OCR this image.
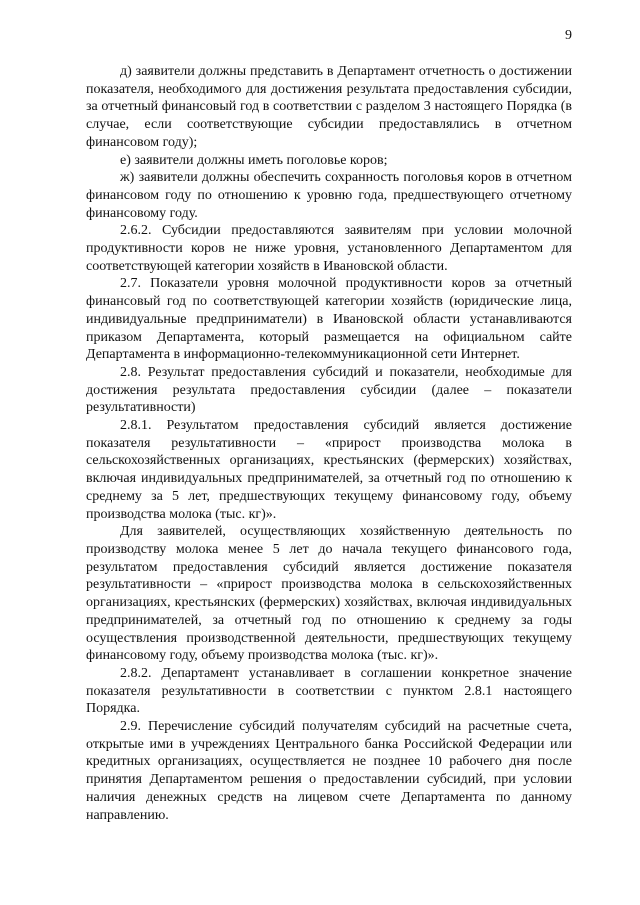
9

д) заявители должны представить в Департамент отчетность о достижении показателя, необходимого для достижения результата предоставления субсидии, за отчетный финансовый год в соответствии с разделом 3 настоящего Порядка (в случае, если соответствующие субсидии предоставлялись в отчетном финансовом году);

е) заявители должны иметь поголовье коров;

ж) заявители должны обеспечить сохранность поголовья коров в отчетном финансовом году по отношению к уровню года, предшествующего отчетному финансовому году.

2.6.2. Субсидии предоставляются заявителям при условии молочной продуктивности коров не ниже уровня, установленного Департаментом для соответствующей категории хозяйств в Ивановской области.

2.7. Показатели уровня молочной продуктивности коров за отчетный финансовый год по соответствующей категории хозяйств (юридические лица, индивидуальные предприниматели) в Ивановской области устанавливаются приказом Департамента, который размещается на официальном сайте Департамента в информационно-телекоммуникационной сети Интернет.

2.8. Результат предоставления субсидий и показатели, необходимые для достижения результата предоставления субсидии (далее – показатели результативности)

2.8.1. Результатом предоставления субсидий является достижение показателя результативности – «прирост производства молока в сельскохозяйственных организациях, крестьянских (фермерских) хозяйствах, включая индивидуальных предпринимателей, за отчетный год по отношению к среднему за 5 лет, предшествующих текущему финансовому году, объему производства молока (тыс. кг)».

Для заявителей, осуществляющих хозяйственную деятельность по производству молока менее 5 лет до начала текущего финансового года, результатом предоставления субсидий является достижение показателя результативности – «прирост производства молока в сельскохозяйственных организациях, крестьянских (фермерских) хозяйствах, включая индивидуальных предпринимателей, за отчетный год по отношению к среднему за годы осуществления производственной деятельности, предшествующих текущему финансовому году, объему производства молока (тыс. кг)».

2.8.2. Департамент устанавливает в соглашении конкретное значение показателя результативности в соответствии с пунктом 2.8.1 настоящего Порядка.

2.9. Перечисление субсидий получателям субсидий на расчетные счета, открытые ими в учреждениях Центрального банка Российской Федерации или кредитных организациях, осуществляется не позднее 10 рабочего дня после принятия Департаментом решения о предоставлении субсидий, при условии наличия денежных средств на лицевом счете Департамента по данному направлению.
